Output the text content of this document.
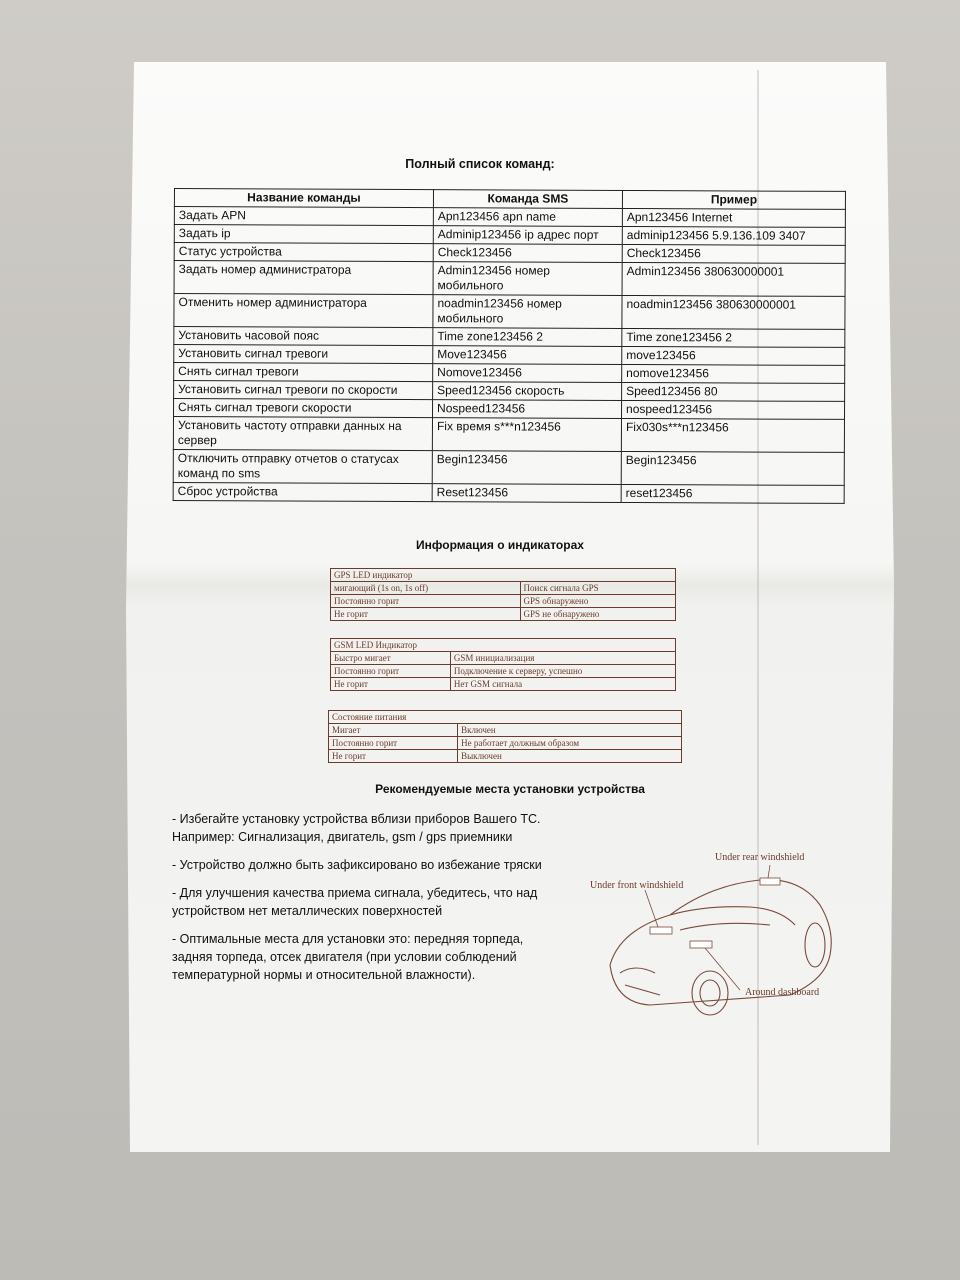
Полный список команд:
Название команды	Команда SMS	Пример
Задать APN	Apn123456 apn name	Apn123456 Internet
Задать ip	Adminip123456 ip адрес порт	adminip123456 5.9.136.109 3407
Статус устройства	Check123456	Check123456
Задать номер администратора	Admin123456 номер мобильного	Admin123456 380630000001
Отменить номер администратора	noadmin123456 номер мобильного	noadmin123456 380630000001
Установить часовой пояс	Time zone123456 2	Time zone123456 2
Установить сигнал тревоги	Move123456	move123456
Снять сигнал тревоги	Nomove123456	nomove123456
Установить сигнал тревоги по скорости	Speed123456 скорость	Speed123456 80
Снять сигнал тревоги скорости	Nospeed123456	nospeed123456
Установить частоту отправки данных на сервер	Fix время s***n123456	Fix030s***n123456
Отключить отправку отчетов о статусах команд по sms	Begin123456	Begin123456
Сброс устройства	Reset123456	reset123456
Информация о индикаторах
GPS LED индикатор	
мигающий (1s on, 1s off)	Поиск сигнала GPS
Постоянно горит	GPS обнаружено
Не горит	GPS не обнаружено
GSM LED Индикатор	
Быстро мигает	GSM инициализация
Постоянно горит	Подключение к серверу, успешно
Не горит	Нет GSM сигнала
Состояние питания	
Мигает	Включен
Постоянно горит	Не работает должным образом
Не горит	Выключен
Рекомендуемые места установки устройства

- Избегайте установку устройства вблизи приборов Вашего ТС. Например: Сигнализация, двигатель, gsm / gps приемники

- Устройство должно быть зафиксировано во избежание тряски

- Для улучшения качества приема сигнала, убедитесь, что над устройством нет металлических поверхностей

- Оптимальные места для установки это: передняя торпеда, задняя торпеда, отсек двигателя (при условии соблюдений температурной нормы и относительной влажности).

Under rear windshield
Under front windshield
Around dashboard
